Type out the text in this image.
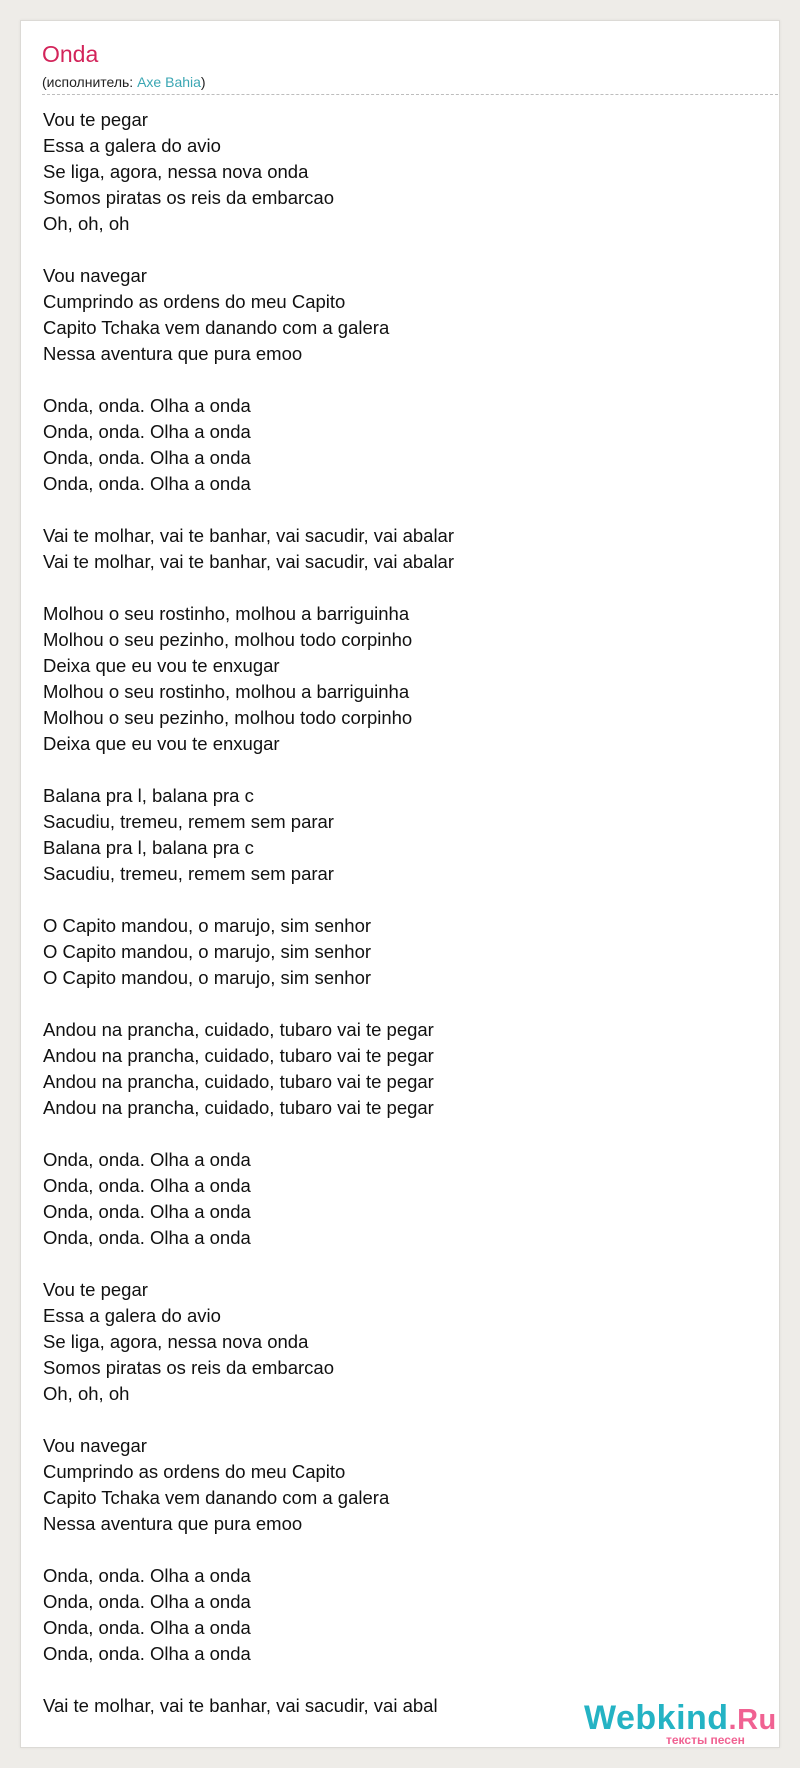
Onda
(исполнитель: Axe Bahia)
Vou te pegar
Essa a galera do avio
Se liga, agora, nessa nova onda
Somos piratas os reis da embarcao
Oh, oh, oh
Vou navegar
Cumprindo as ordens do meu Capito
Capito Tchaka vem danando com a galera
Nessa aventura que pura emoo
Onda, onda. Olha a onda
Onda, onda. Olha a onda
Onda, onda. Olha a onda
Onda, onda. Olha a onda
Vai te molhar, vai te banhar, vai sacudir, vai abalar
Vai te molhar, vai te banhar, vai sacudir, vai abalar
Molhou o seu rostinho, molhou a barriguinha
Molhou o seu pezinho, molhou todo corpinho
Deixa que eu vou te enxugar
Molhou o seu rostinho, molhou a barriguinha
Molhou o seu pezinho, molhou todo corpinho
Deixa que eu vou te enxugar
Balana pra l, balana pra c
Sacudiu, tremeu, remem sem parar
Balana pra l, balana pra c
Sacudiu, tremeu, remem sem parar
O Capito mandou, o marujo, sim senhor
O Capito mandou, o marujo, sim senhor
O Capito mandou, o marujo, sim senhor
Andou na prancha, cuidado, tubaro vai te pegar
Andou na prancha, cuidado, tubaro vai te pegar
Andou na prancha, cuidado, tubaro vai te pegar
Andou na prancha, cuidado, tubaro vai te pegar
Onda, onda. Olha a onda
Onda, onda. Olha a onda
Onda, onda. Olha a onda
Onda, onda. Olha a onda
Vou te pegar
Essa a galera do avio
Se liga, agora, nessa nova onda
Somos piratas os reis da embarcao
Oh, oh, oh
Vou navegar
Cumprindo as ordens do meu Capito
Capito Tchaka vem danando com a galera
Nessa aventura que pura emoo
Onda, onda. Olha a onda
Onda, onda. Olha a onda
Onda, onda. Olha a onda
Onda, onda. Olha a onda
Vai te molhar, vai te banhar, vai sacudir, vai abal	Webkind.Ru
тексты песен
